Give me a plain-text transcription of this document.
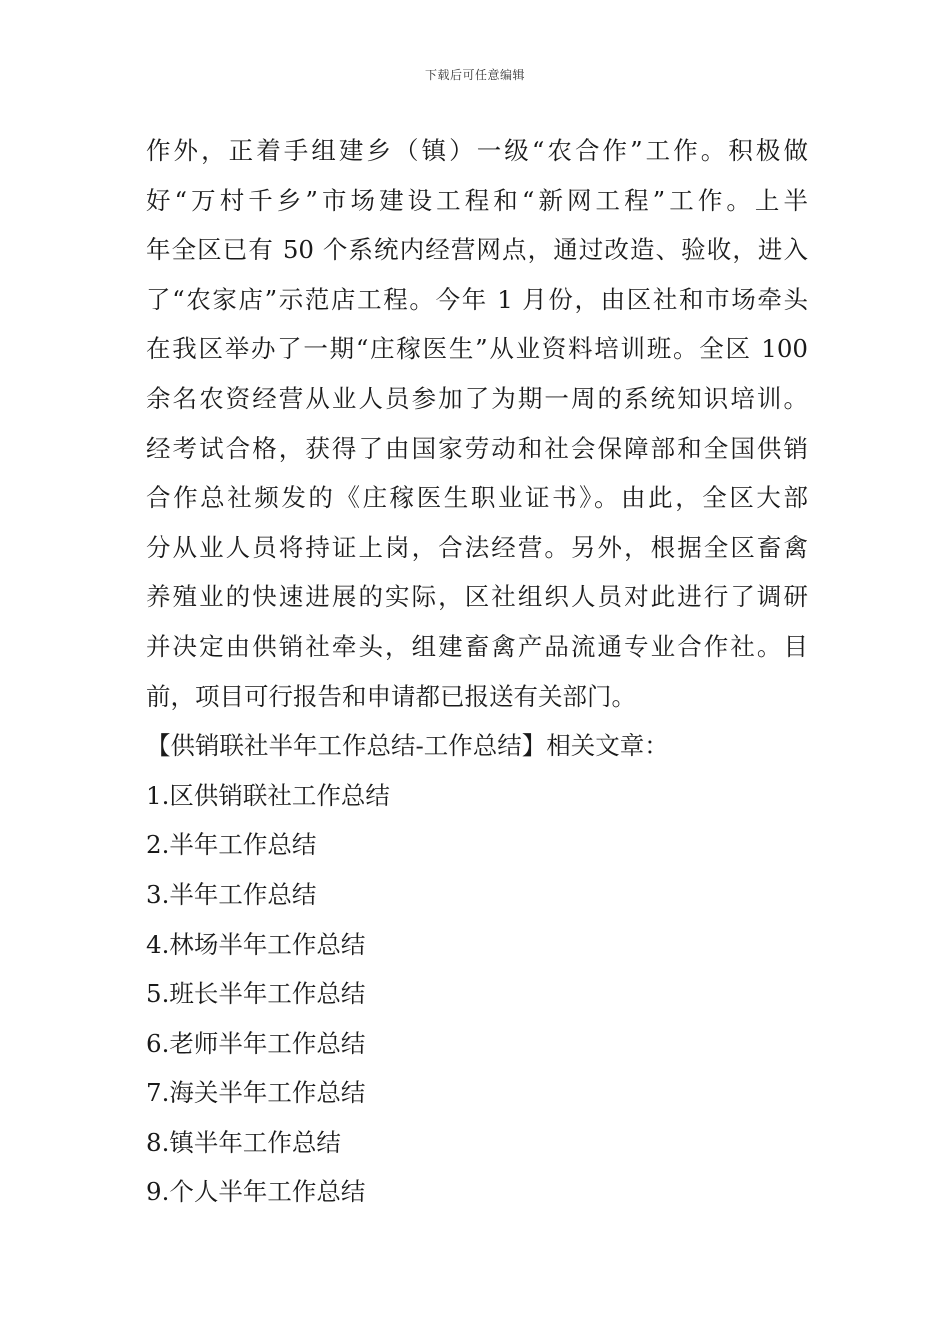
下载后可任意编辑
作外，正着手组建乡（镇）一级“农合作”工作。积极做
好“万村千乡”市场建设工程和“新网工程”工作。上半
年全区已有 50 个系统内经营网点，通过改造、验收，进入
了“农家店”示范店工程。今年 1 月份，由区社和市场牵头
在我区举办了一期“庄稼医生”从业资料培训班。全区 100
余名农资经营从业人员参加了为期一周的系统知识培训。
经考试合格，获得了由国家劳动和社会保障部和全国供销
合作总社频发的《庄稼医生职业证书》。由此，全区大部
分从业人员将持证上岗，合法经营。另外，根据全区畜禽
养殖业的快速进展的实际，区社组织人员对此进行了调研
并决定由供销社牵头，组建畜禽产品流通专业合作社。目
前，项目可行报告和申请都已报送有关部门。
【供销联社半年工作总结-工作总结】相关文章：
1.区供销联社工作总结
2.半年工作总结
3.半年工作总结
4.林场半年工作总结
5.班长半年工作总结
6.老师半年工作总结
7.海关半年工作总结
8.镇半年工作总结
9.个人半年工作总结
